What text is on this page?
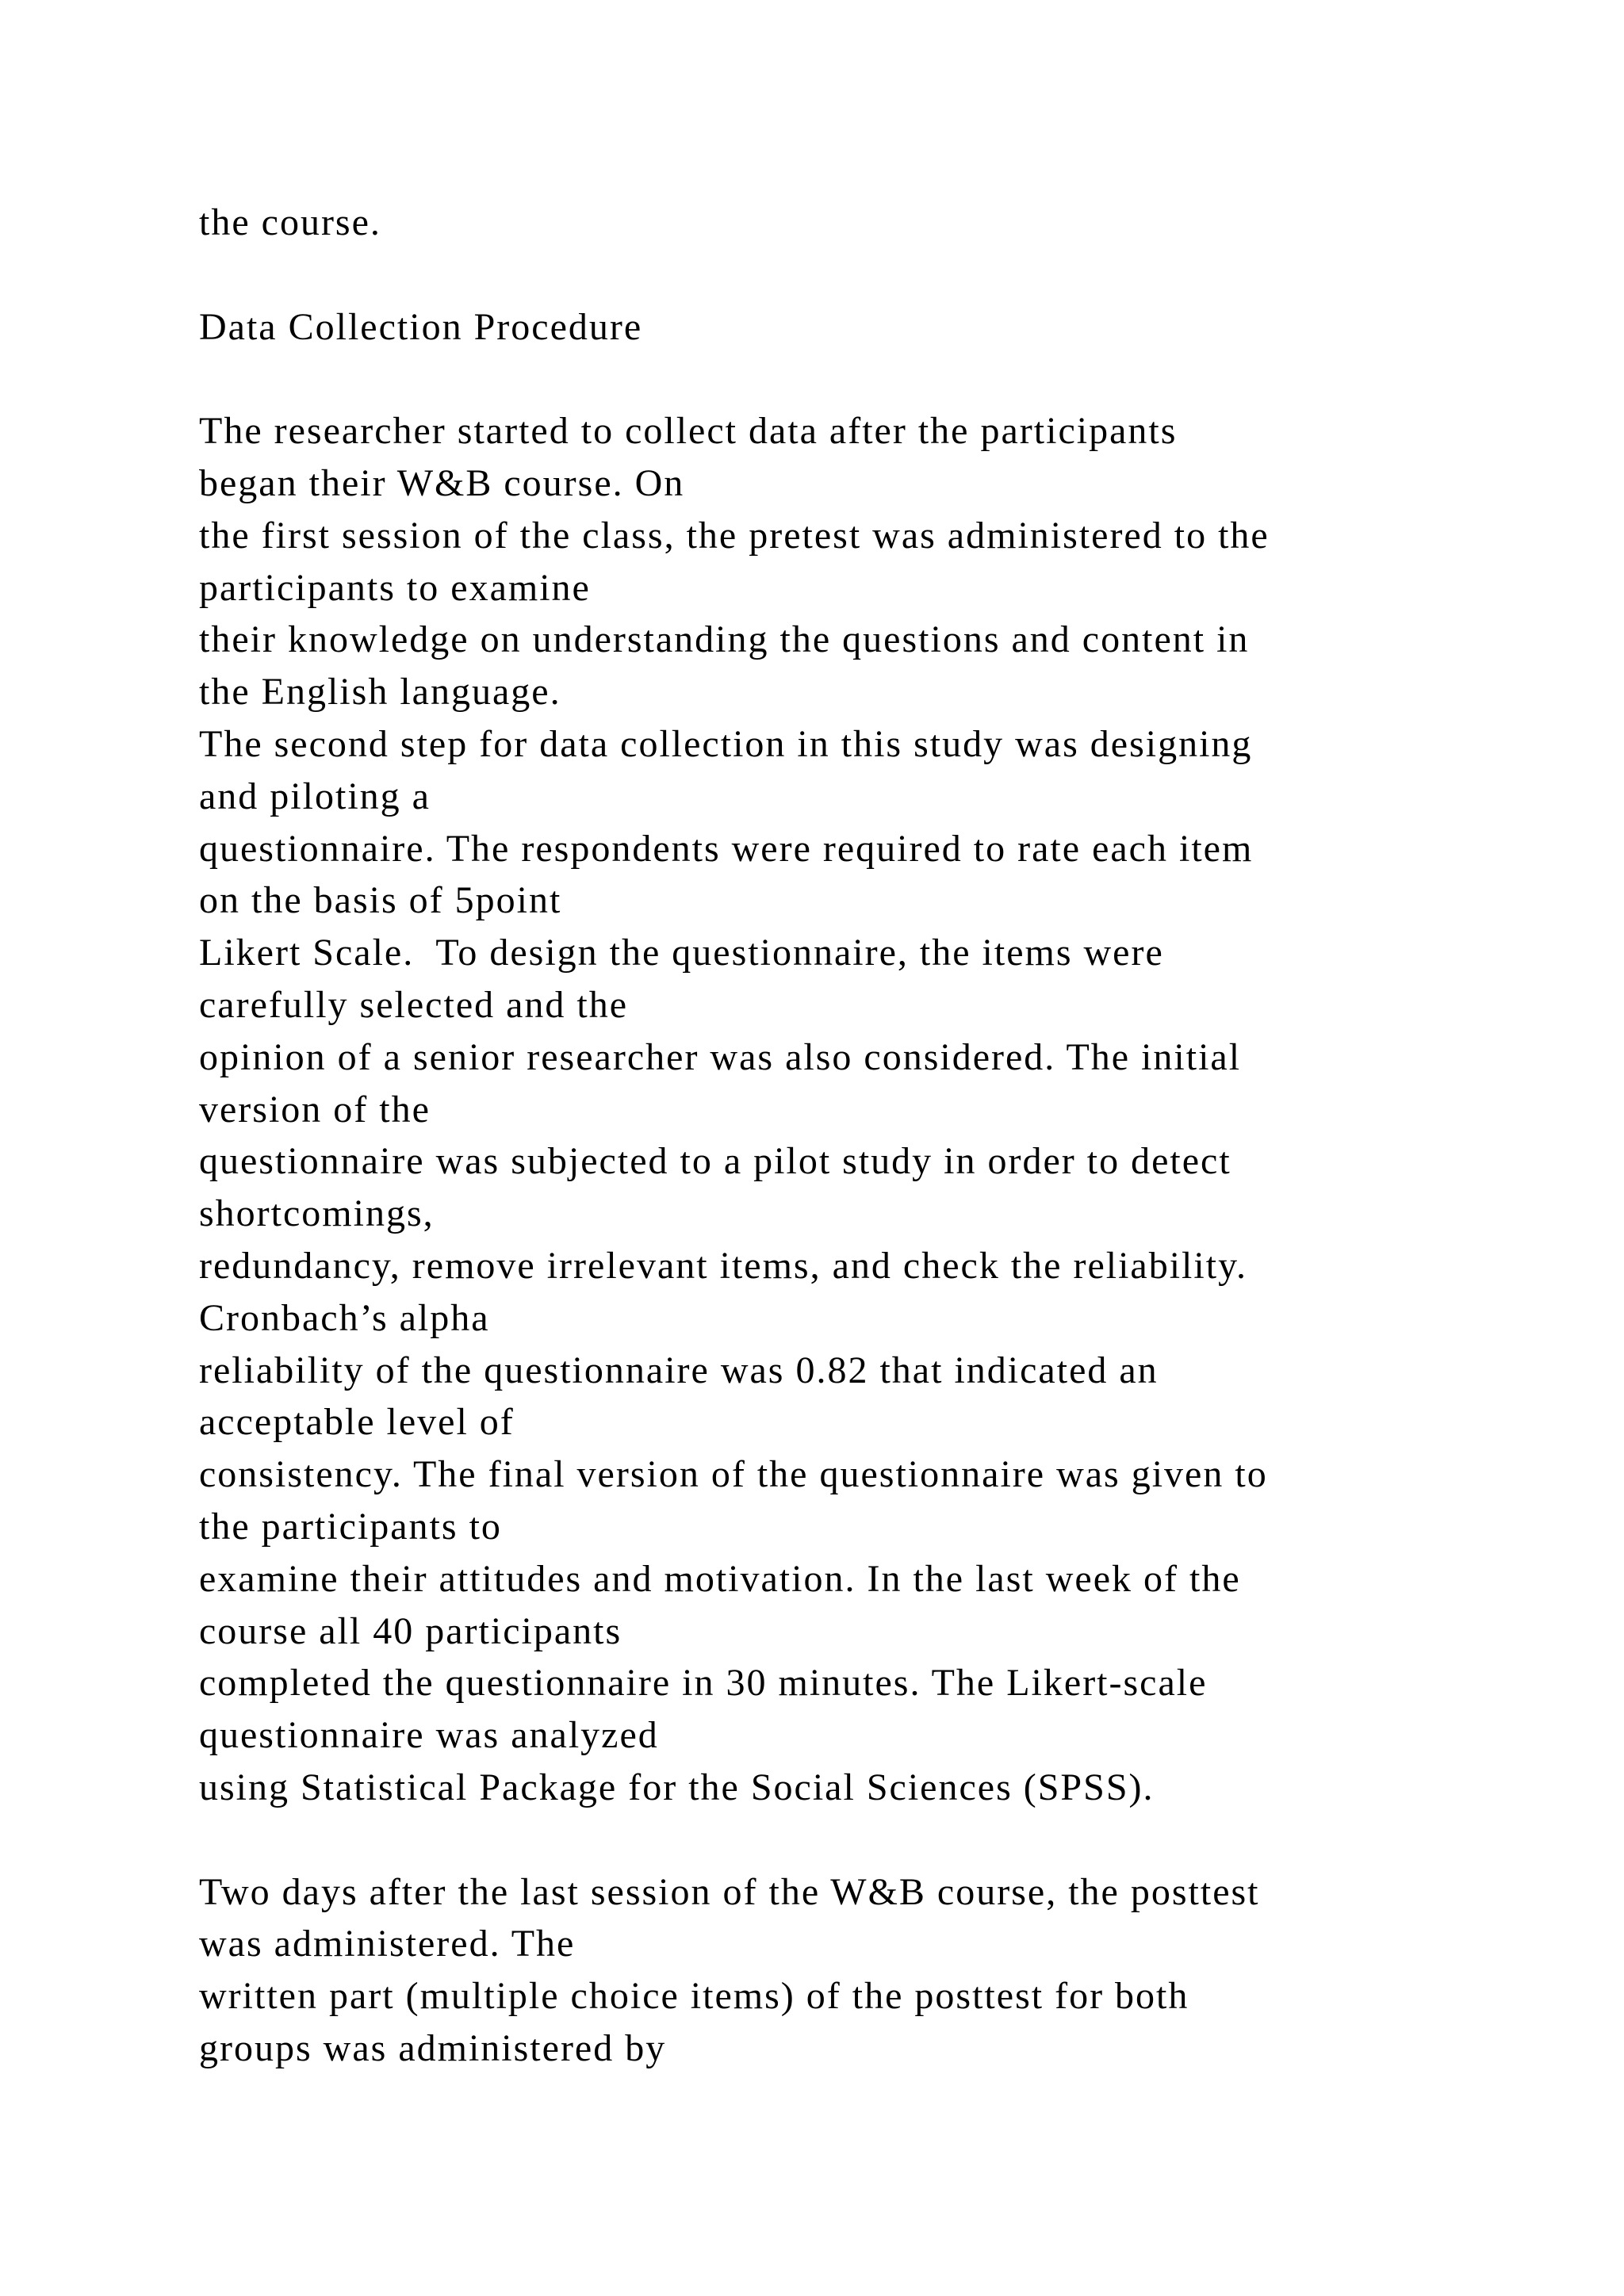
the course.
Data Collection Procedure
The researcher started to collect data after the participants
began their W&B course. On
the first session of the class, the pretest was administered to the
participants to examine
their knowledge on understanding the questions and content in
the English language.
The second step for data collection in this study was designing
and piloting a
questionnaire. The respondents were required to rate each item
on the basis of 5point
Likert Scale.  To design the questionnaire, the items were
carefully selected and the
opinion of a senior researcher was also considered. The initial
version of the
questionnaire was subjected to a pilot study in order to detect
shortcomings,
redundancy, remove irrelevant items, and check the reliability.
Cronbach’s alpha
reliability of the questionnaire was 0.82 that indicated an
acceptable level of
consistency. The final version of the questionnaire was given to
the participants to
examine their attitudes and motivation. In the last week of the
course all 40 participants
completed the questionnaire in 30 minutes. The Likert-scale
questionnaire was analyzed
using Statistical Package for the Social Sciences (SPSS).
Two days after the last session of the W&B course, the posttest
was administered. The
written part (multiple choice items) of the posttest for both
groups was administered by
